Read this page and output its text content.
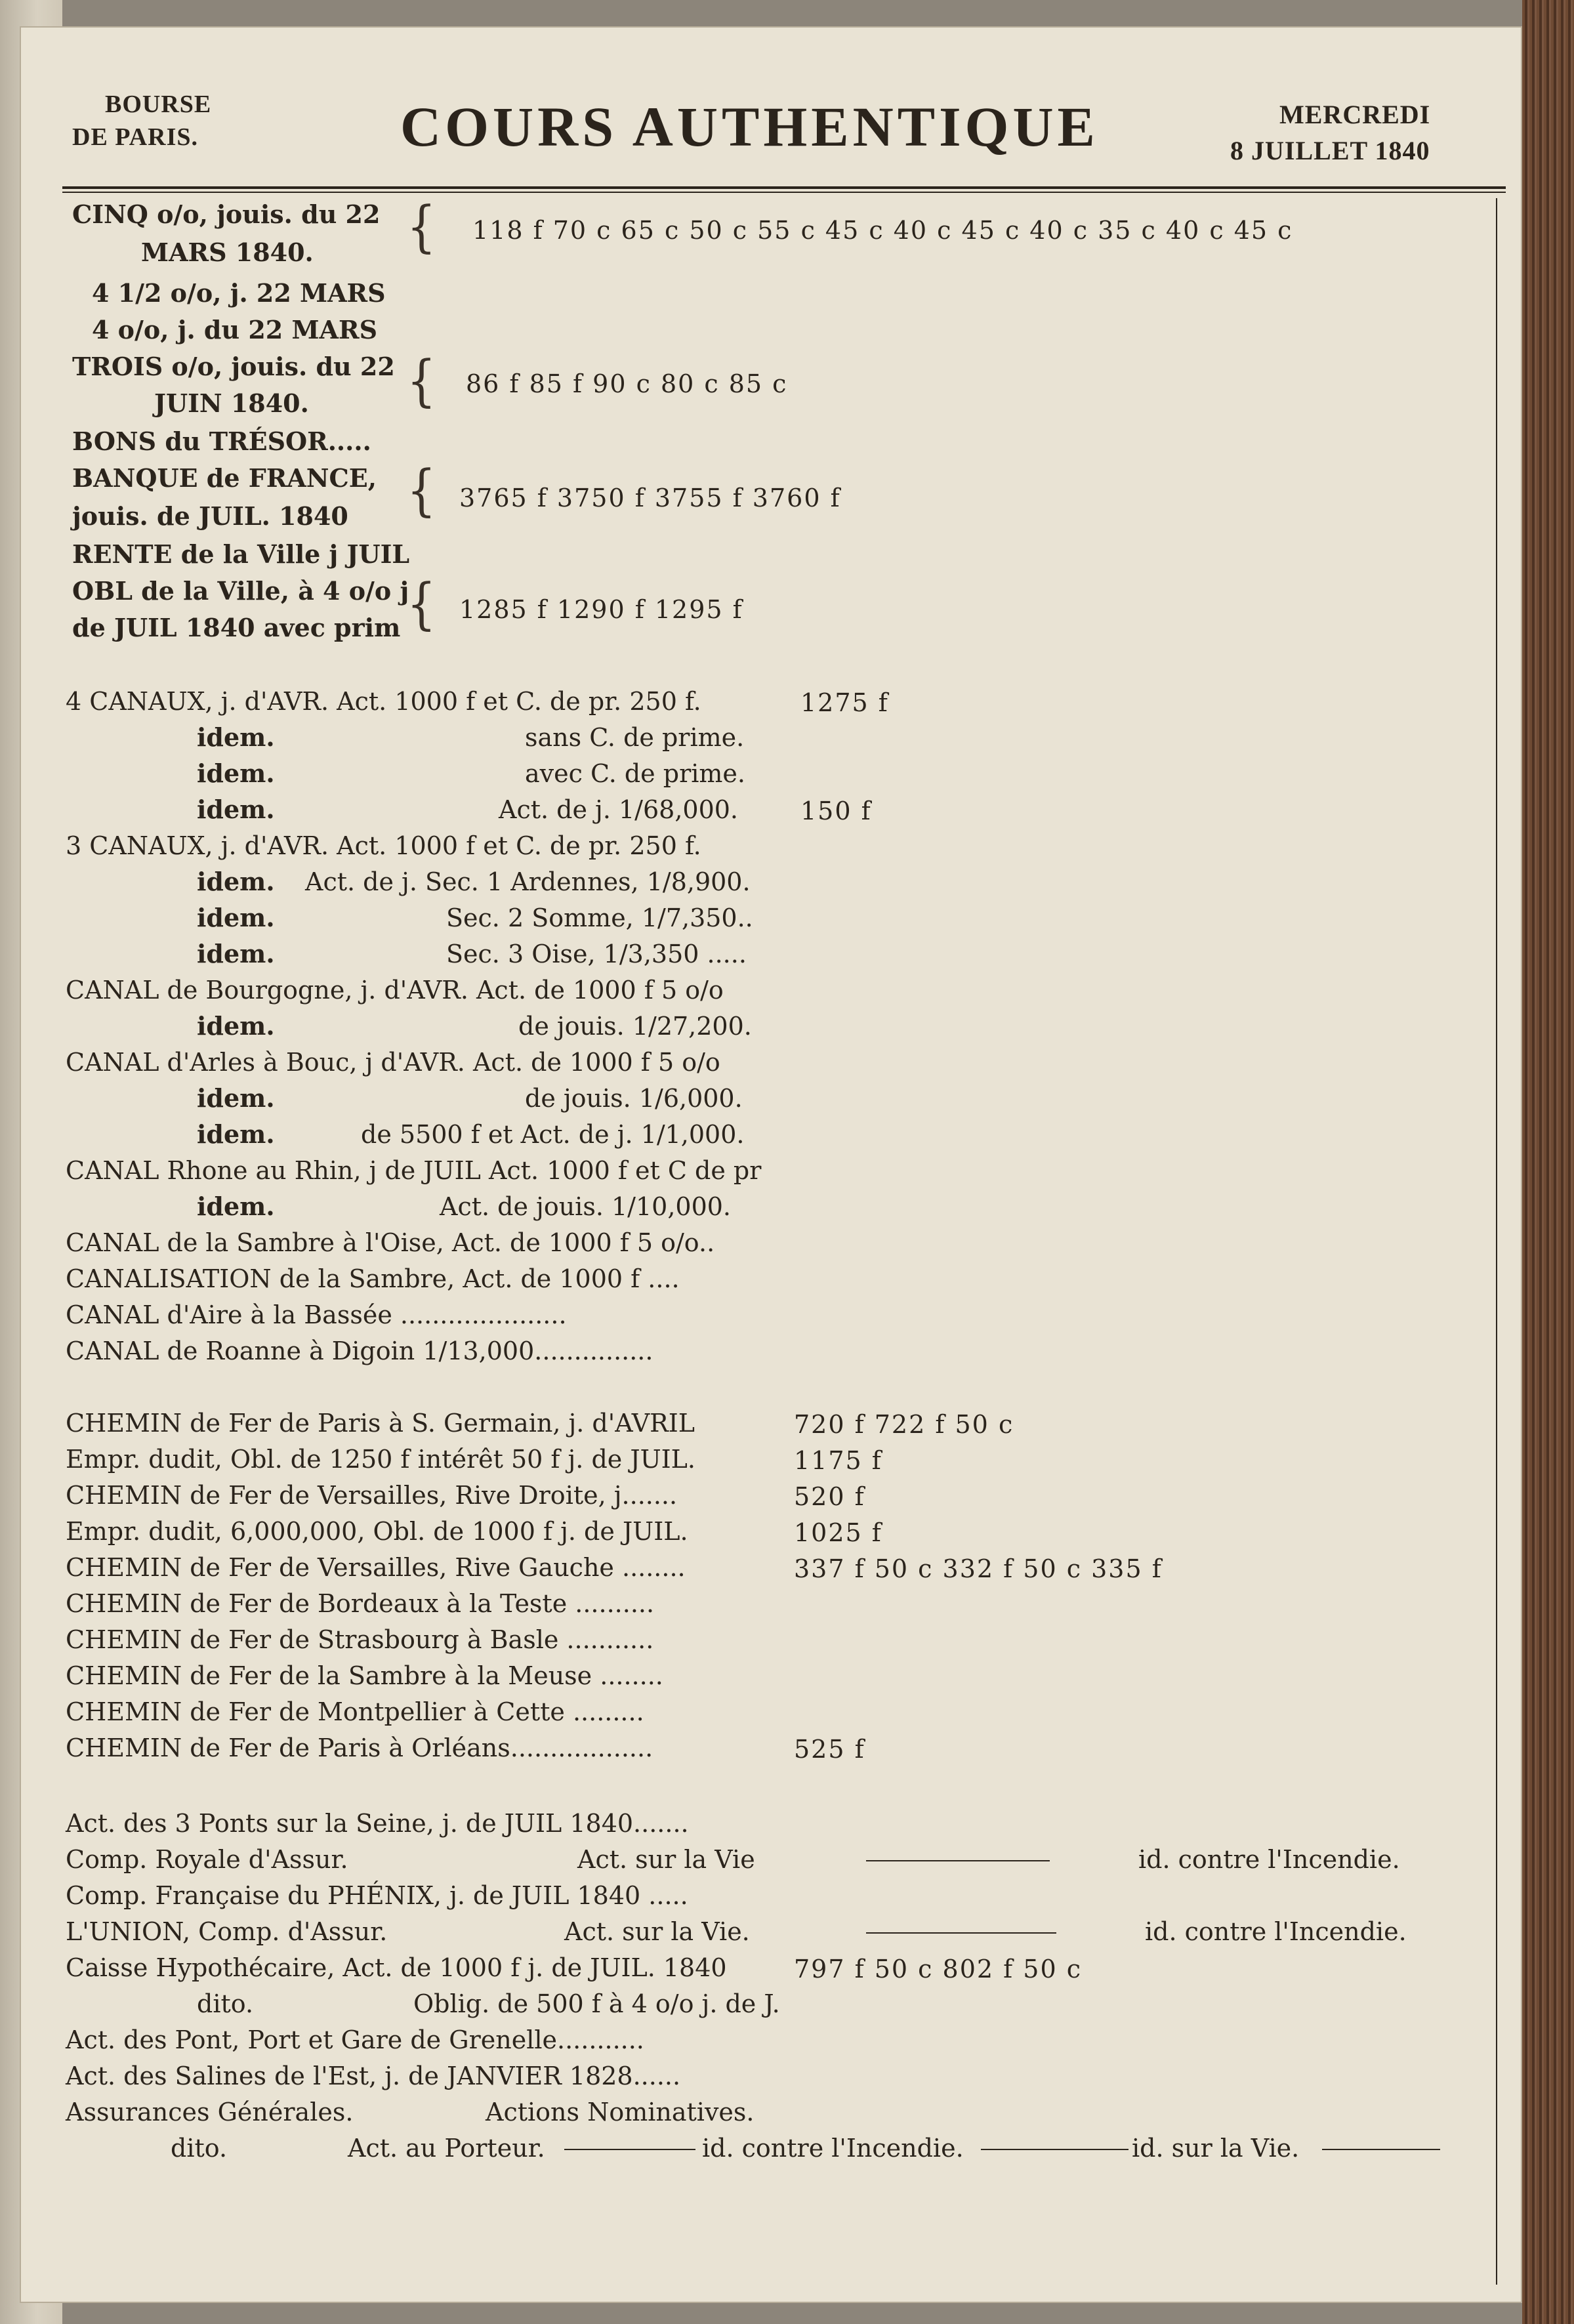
BOURSE
DE PARIS.	COURS AUTHENTIQUE	MERCREDI
8 JUILLET 1840
CINQ o/o, jouis. du 22 {
MARS 1840.
118 f 70 c 65 c 50 c 55 c 45 c 40 c 45 c 40 c 35 c 40 c 45 c
4 1/2 o/o, j. 22 MARS
4 o/o, j. du 22 MARS
TROIS o/o, jouis. du 22 {
JUIN 1840.
86 f 85 f 90 c 80 c 85 c
BONS du TRÉSOR.....
BANQUE de FRANCE, {
jouis. de JUIL. 1840
3765 f 3750 f 3755 f 3760 f
RENTE de la Ville j JUIL
OBL de la Ville, à 4 o/o j
{
de JUIL 1840 avec prim
1285 f 1290 f 1295 f
4 CANAUX, j. d'AVR. Act. 1000 f et C. de pr. 250 f.	1275 f
idem.	sans C. de prime.
idem.	avec C. de prime.
idem.	Act. de j. 1/68,000. 150 f
3 CANAUX, j. d'AVR. Act. 1000 f et C. de pr. 250 f.
idem. Act. de j. Sec. 1 Ardennes, 1/8,900.
idem.	Sec. 2 Somme, 1/7,350..
idem.	Sec. 3 Oise, 1/3,350 .....
CANAL de Bourgogne, j. d'AVR. Act. de 1000 f 5 o/o
idem.	de jouis. 1/27,200.
CANAL d'Arles à Bouc, j d'AVR. Act. de 1000 f 5 o/o
idem.	de jouis. 1/6,000.
idem.	de 5500 f et Act. de j. 1/1,000.
CANAL Rhone au Rhin, j de JUIL Act. 1000 f et C de pr
idem.	Act. de jouis. 1/10,000.
CANAL de la Sambre à l'Oise, Act. de 1000 f 5 o/o..
CANALISATION de la Sambre, Act. de 1000 f ....
CANAL d'Aire à la Bassée .....................
CANAL de Roanne à Digoin 1/13,000...............
CHEMIN de Fer de Paris à S. Germain, j. d'AVRIL	720 f 722 f 50 c
Empr. dudit, Obl. de 1250 f intérêt 50 f j. de JUIL.	1175 f
CHEMIN de Fer de Versailles, Rive Droite, j.......	520 f
Empr. dudit, 6,000,000, Obl. de 1000 f j. de JUIL.	1025 f
CHEMIN de Fer de Versailles, Rive Gauche ........	337 f 50 c 332 f 50 c 335 f
CHEMIN de Fer de Bordeaux à la Teste ..........
CHEMIN de Fer de Strasbourg à Basle ...........
CHEMIN de Fer de la Sambre à la Meuse ........
CHEMIN de Fer de Montpellier à Cette .........
CHEMIN de Fer de Paris à Orléans..................	525 f
Act. des 3 Ponts sur la Seine, j. de JUIL 1840.......
Comp. Royale d'Assur.	Act. sur la Vie	id. contre l'Incendie.
Comp. Française du PHÉNIX, j. de JUIL 1840 .....
L'UNION, Comp. d'Assur.	Act. sur la Vie.	id. contre l'Incendie.
Caisse Hypothécaire, Act. de 1000 f j. de JUIL. 1840	797 f 50 c 802 f 50 c
dito.	Oblig. de 500 f à 4 o/o j. de J.
Act. des Pont, Port et Gare de Grenelle...........
Act. des Salines de l'Est, j. de JANVIER 1828......
Assurances Générales.	Actions Nominatives.
dito.	Act. au Porteur.	id. contre l'Incendie.	id. sur la Vie.
